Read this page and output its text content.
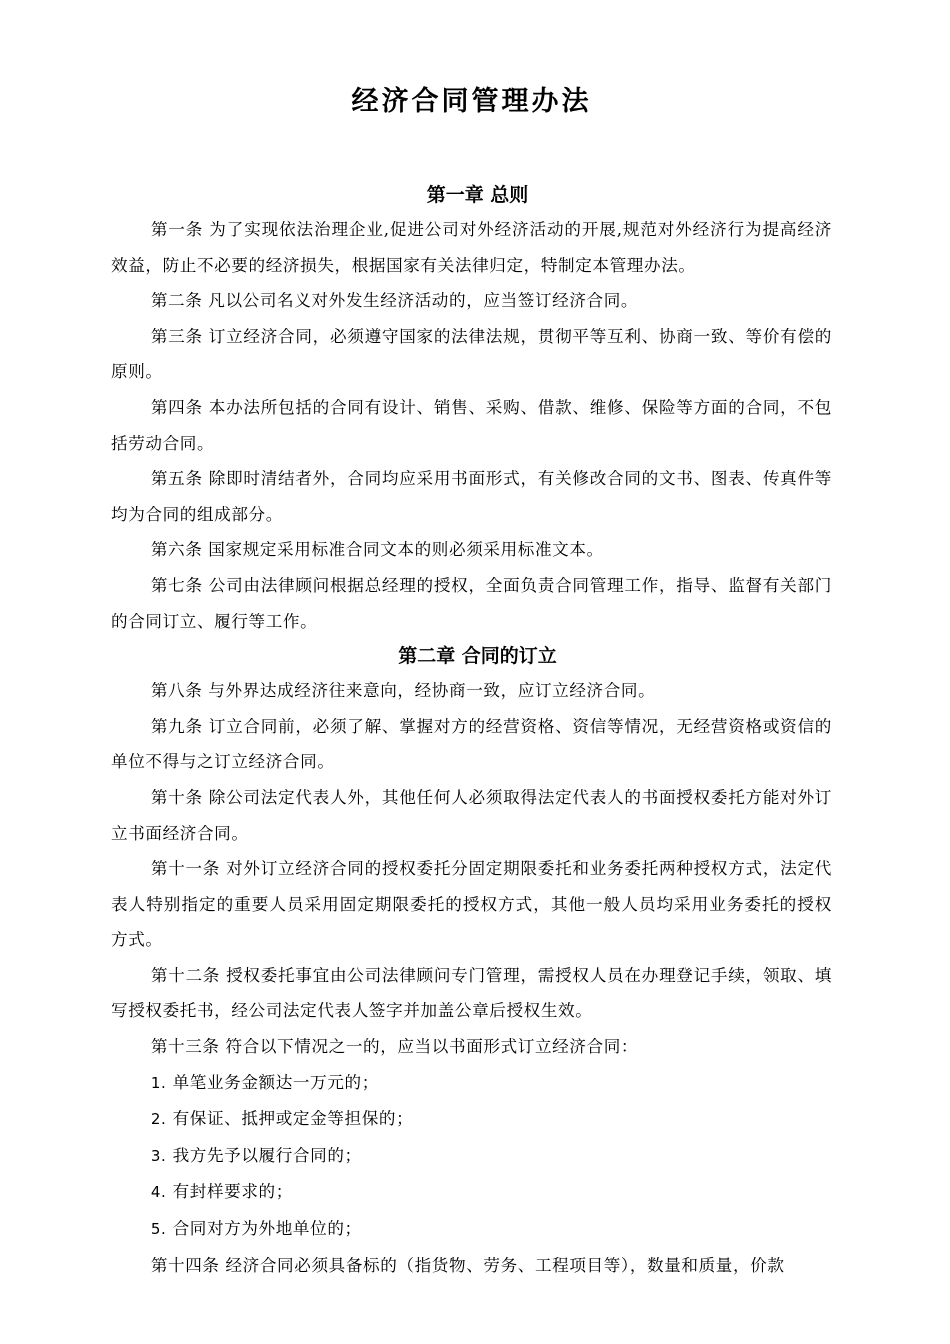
经济合同管理办法
第一章 总则

第一条 为了实现依法治理企业,促进公司对外经济活动的开展,规范对外经济行为提高经济效益，防止不必要的经济损失，根据国家有关法律归定，特制定本管理办法。

第二条 凡以公司名义对外发生经济活动的，应当签订经济合同。

第三条 订立经济合同，必须遵守国家的法律法规，贯彻平等互利、协商一致、等价有偿的原则。

第四条 本办法所包括的合同有设计、销售、采购、借款、维修、保险等方面的合同，不包括劳动合同。

第五条 除即时清结者外，合同均应采用书面形式，有关修改合同的文书、图表、传真件等均为合同的组成部分。

第六条 国家规定采用标准合同文本的则必须采用标准文本。

第七条 公司由法律顾问根据总经理的授权，全面负责合同管理工作，指导、监督有关部门的合同订立、履行等工作。

第二章 合同的订立

第八条 与外界达成经济往来意向，经协商一致，应订立经济合同。

第九条 订立合同前，必须了解、掌握对方的经营资格、资信等情况，无经营资格或资信的单位不得与之订立经济合同。

第十条 除公司法定代表人外，其他任何人必须取得法定代表人的书面授权委托方能对外订立书面经济合同。

第十一条 对外订立经济合同的授权委托分固定期限委托和业务委托两种授权方式，法定代表人特别指定的重要人员采用固定期限委托的授权方式，其他一般人员均采用业务委托的授权方式。

第十二条 授权委托事宜由公司法律顾问专门管理，需授权人员在办理登记手续，领取、填写授权委托书，经公司法定代表人签字并加盖公章后授权生效。

第十三条 符合以下情况之一的，应当以书面形式订立经济合同：

1. 单笔业务金额达一万元的；

2. 有保证、抵押或定金等担保的；

3. 我方先予以履行合同的；

4. 有封样要求的；

5. 合同对方为外地单位的；

第十四条 经济合同必须具备标的（指货物、劳务、工程项目等），数量和质量，价款
